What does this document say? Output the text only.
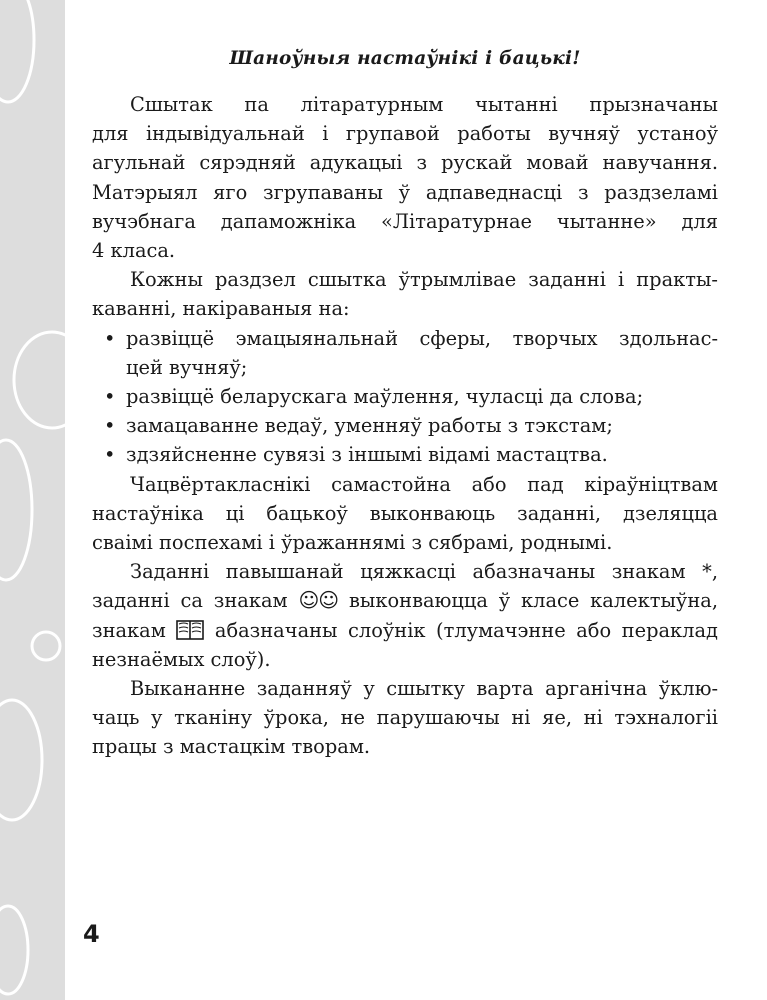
Шаноўныя настаўнікі і бацькі!
Сшытак па літаратурным чытанні прызначаны
для індывідуальнай і групавой работы вучняў устаноў
агульнай сярэдняй адукацыі з рускай мовай навучання.
Матэрыял яго згрупаваны ў адпаведнасці з раздзеламі
вучэбнага дапаможніка «Літаратурнае чытанне» для
4 класа.
Кожны раздзел сшытка ўтрымлівае заданні і практы-
каванні, накіраваныя на:
• развіццё эмацыянальнай сферы, творчых здольнас-
цей вучняў;
• развіццё беларускага маўлення, чуласці да слова;
• замацаванне ведаў, уменняў работы з тэкстам;
• здзяйсненне сувязі з іншымі відамі мастацтва.
Чацвёртакласнікі самастойна або пад кіраўніцтвам
настаўніка ці бацькоў выконваюць заданні, дзеляцца
сваімі поспехамі і ўражаннямі з сябрамі, роднымі.
Заданні павышанай цяжкасці абазначаны знакам *,
заданні са знакам ☺☺ выконваюцца ў класе калектыўна,
знакам	абазначаны слоўнік (тлумачэнне або пераклад
незнаёмых слоў).
Выкананне заданняў у сшытку варта арганічна ўклю-
чаць у тканіну ўрока, не парушаючы ні яе, ні тэхналогіі
працы з мастацкім творам.
4
